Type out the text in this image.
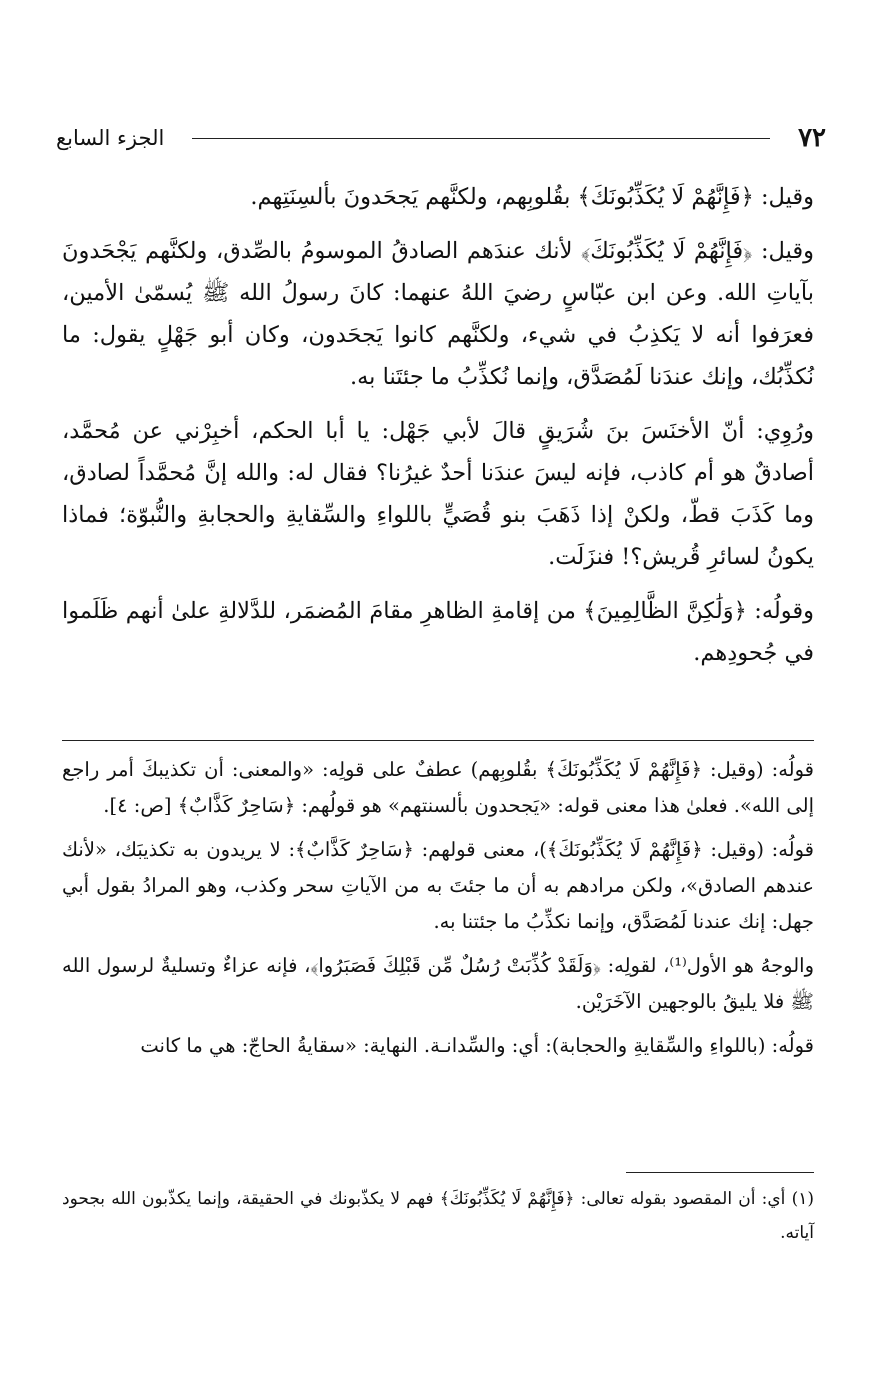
٧٢
الجزء السابع

وقيل: ﴿فَإِنَّهُمْ لَا يُكَذِّبُونَكَ﴾ بقُلوبِهم، ولكنَّهم يَجحَدونَ بألسِنَتِهم.

وقيل: ﴿فَإِنَّهُمْ لَا يُكَذِّبُونَكَ﴾ لأنك عندَهم الصادقُ الموسومُ بالصِّدق، ولكنَّهم يَجْحَدونَ بآياتِ الله. وعن ابن عبّاسٍ رضيَ اللهُ عنهما: كانَ رسولُ الله ﷺ يُسمّىٰ الأمين، فعرَفوا أنه لا يَكذِبُ في شيء، ولكنَّهم كانوا يَجحَدون، وكان أبو جَهْلٍ يقول: ما نُكذِّبُك، وإنك عندَنا لَمُصَدَّق، وإنما نُكذِّبُ ما جئتَنا به.

ورُوِي: أنّ الأخنَسَ بنَ شُرَيقٍ قالَ لأبي جَهْل: يا أبا الحكم، أخبِرْني عن مُحمَّد، أصادقٌ هو أم كاذب، فإنه ليسَ عندَنا أحدٌ غيرُنا؟ فقال له: والله إنَّ مُحمَّداً لصادق، وما كَذَبَ قطّ، ولكنْ إذا ذَهَبَ بنو قُصَيٍّ باللواءِ والسِّقايةِ والحجابةِ والنُّبوّة؛ فماذا يكونُ لسائرِ قُريش؟! فنزَلَت.

وقولُه: ﴿وَلَٰكِنَّ الظَّالِمِينَ﴾ من إقامةِ الظاهرِ مقامَ المُضمَر، للدَّلالةِ علىٰ أنهم ظَلَموا في جُحودِهم.

قولُه: (وقيل: ﴿فَإِنَّهُمْ لَا يُكَذِّبُونَكَ﴾ بقُلوبِهم) عطفٌ على قولِه: «والمعنى: أن تكذيبكَ أمر راجع إلى الله». فعلىٰ هذا معنى قوله: «يَجحدون بألسنتهم» هو قولُهم: ﴿سَاحِرٌ كَذَّابٌ﴾ [ص: ٤].

قولُه: (وقيل: ﴿فَإِنَّهُمْ لَا يُكَذِّبُونَكَ﴾)، معنى قولهم: ﴿سَاحِرٌ كَذَّابٌ﴾: لا يريدون به تكذيبَك، «لأنك عندهم الصادق»، ولكن مرادهم به أن ما جئتَ به من الآياتِ سحر وكذب، وهو المرادُ بقول أبي جهل: إنك عندنا لَمُصَدَّق، وإنما نكذِّبُ ما جئتنا به.

والوجهُ هو الأول⁽¹⁾، لقولِه: ﴿وَلَقَدْ كُذِّبَتْ رُسُلٌ مِّن قَبْلِكَ فَصَبَرُوا﴾، فإنه عزاءٌ وتسليةٌ لرسول الله ﷺ فلا يليقُ بالوجهين الآخَرَيْن.

قولُه: (باللواءِ والسِّقايةِ والحجابة): أي: والسِّدانـة. النهاية: «سقايةُ الحاجّ: هي ما كانت

(١) أي: أن المقصود بقوله تعالى: ﴿فَإِنَّهُمْ لَا يُكَذِّبُونَكَ﴾ فهم لا يكذّبونك في الحقيقة، وإنما يكذّبون الله بجحود آياته.
